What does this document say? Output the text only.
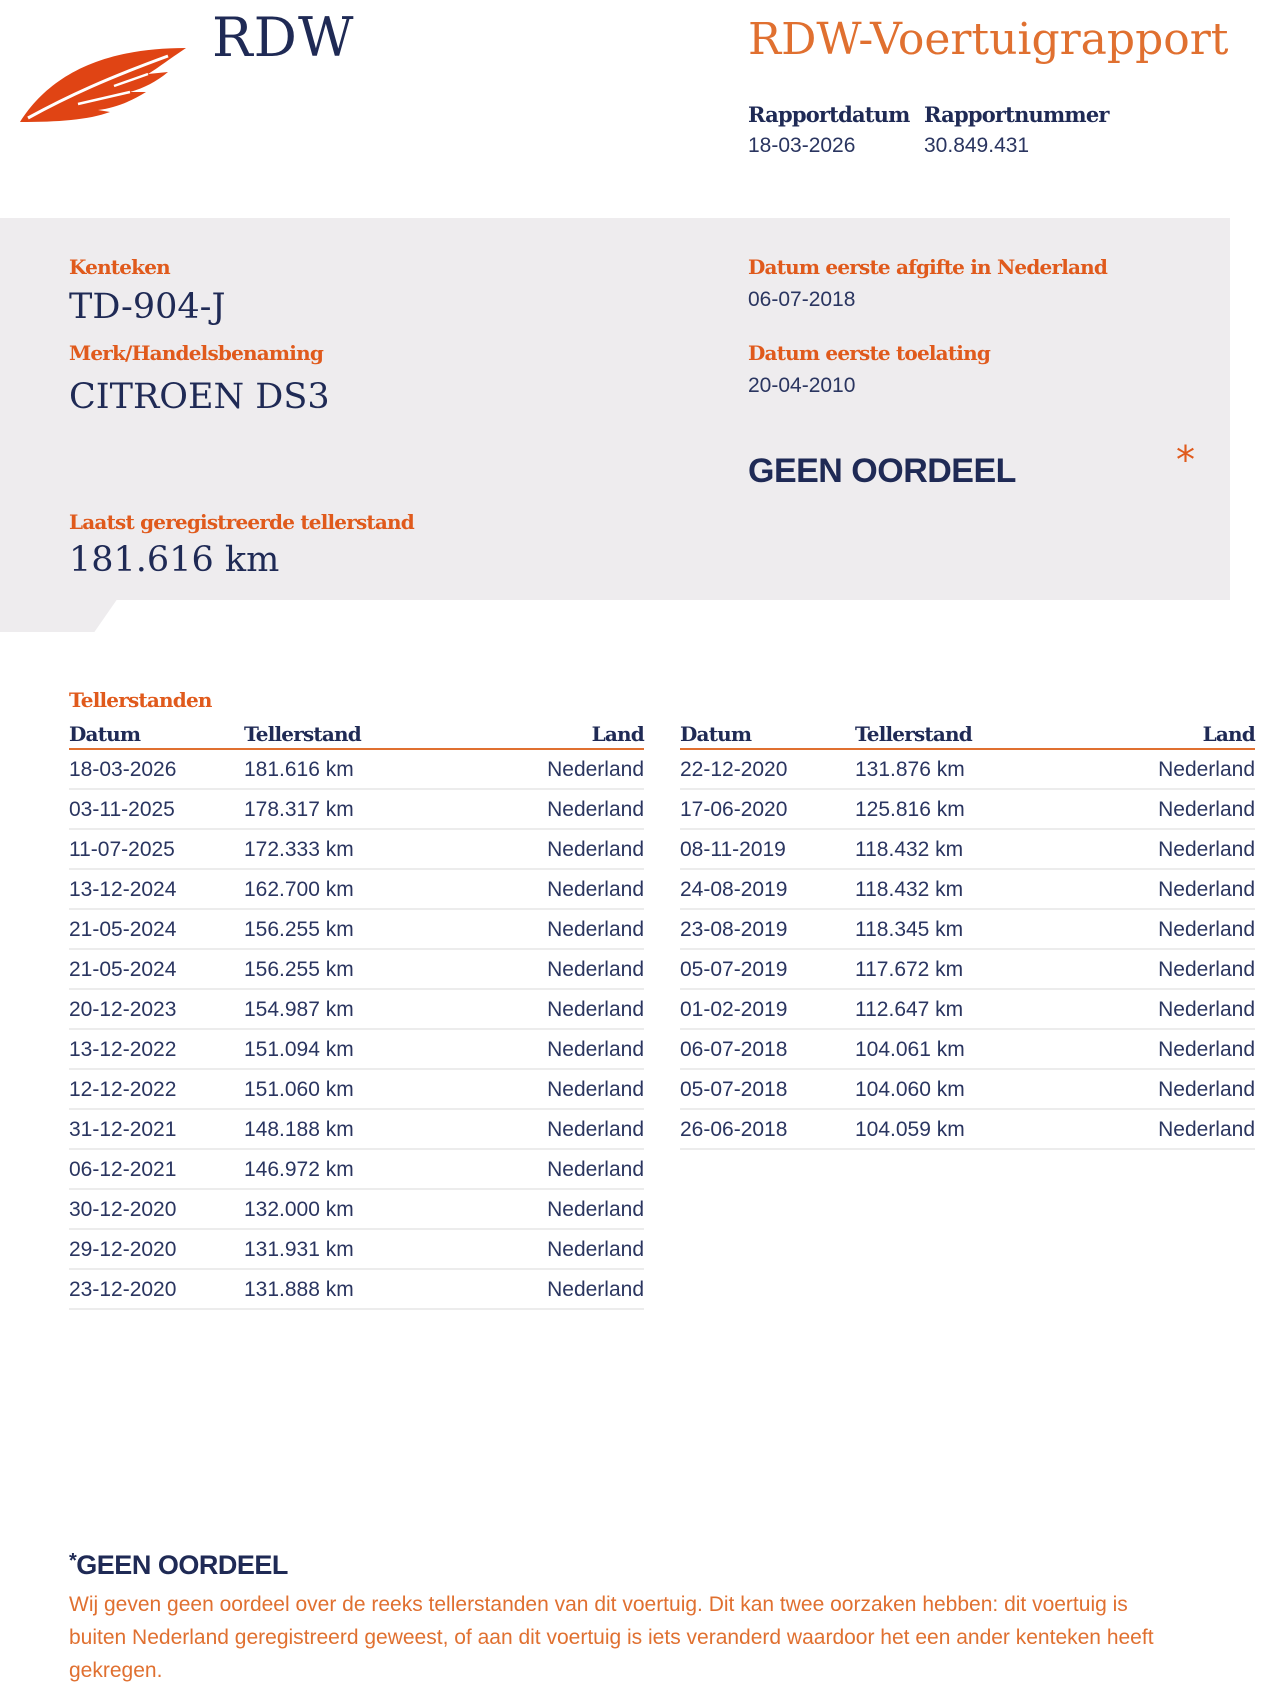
RDW	RDW-Voertuigrapport
Rapportdatum
18-03-2026
Rapportnummer
30.849.431
Kenteken
TD-904-J
Merk/Handelsbenaming
CITROEN DS3
Datum eerste afgifte in Nederland
06-07-2018
Datum eerste toelating
20-04-2010
GEEN OORDEEL	*
Laatst geregistreerde tellerstand
181.616 km
Tellerstanden
Datum	Tellerstand	Land
18-03-2026	181.616 km	Nederland
03-11-2025	178.317 km	Nederland
11-07-2025	172.333 km	Nederland
13-12-2024	162.700 km	Nederland
21-05-2024	156.255 km	Nederland
21-05-2024	156.255 km	Nederland
20-12-2023	154.987 km	Nederland
13-12-2022	151.094 km	Nederland
12-12-2022	151.060 km	Nederland
31-12-2021	148.188 km	Nederland
06-12-2021	146.972 km	Nederland
30-12-2020	132.000 km	Nederland
29-12-2020	131.931 km	Nederland
23-12-2020	131.888 km	Nederland
Datum	Tellerstand	Land
22-12-2020	131.876 km	Nederland
17-06-2020	125.816 km	Nederland
08-11-2019	118.432 km	Nederland
24-08-2019	118.432 km	Nederland
23-08-2019	118.345 km	Nederland
05-07-2019	117.672 km	Nederland
01-02-2019	112.647 km	Nederland
06-07-2018	104.061 km	Nederland
05-07-2018	104.060 km	Nederland
26-06-2018	104.059 km	Nederland
*GEEN OORDEEL
Wij geven geen oordeel over de reeks tellerstanden van dit voertuig. Dit kan twee oorzaken hebben: dit voertuig is buiten Nederland geregistreerd geweest, of aan dit voertuig is iets veranderd waardoor het een ander kenteken heeft gekregen.
